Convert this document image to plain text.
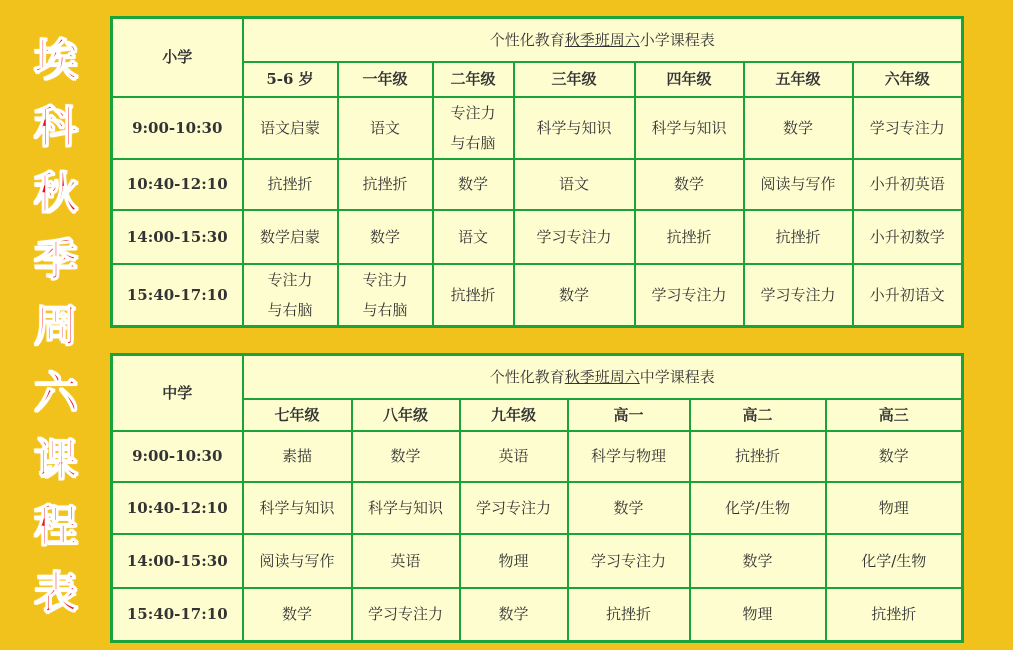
埃
科
秋
季
周
六
课
程
表
小学	个性化教育秋季班周六小学课程表						
	5-6 岁	一年级	二年级	三年级	四年级	五年级	六年级
9:00-10:30	语文启蒙	语文	专注力
与右脑	科学与知识	科学与知识	数学	学习专注力

10:40-12:10	抗挫折	抗挫折	数学	语文	数学	阅读与写作	小升初英语

14:00-15:30	数学启蒙	数学	语文	学习专注力	抗挫折	抗挫折	小升初数学

15:40-17:10	专注力
与右脑	专注力
与右脑	抗挫折	数学	学习专注力	学习专注力	小升初语文
中学	个性化教育秋季班周六中学课程表					
	七年级	八年级	九年级	高一	高二	高三
9:00-10:30	素描	数学	英语	科学与物理	抗挫折	数学

10:40-12:10	科学与知识	科学与知识	学习专注力	数学	化学/生物	物理

14:00-15:30	阅读与写作	英语	物理	学习专注力	数学	化学/生物

15:40-17:10	数学	学习专注力	数学	抗挫折	物理	抗挫折
